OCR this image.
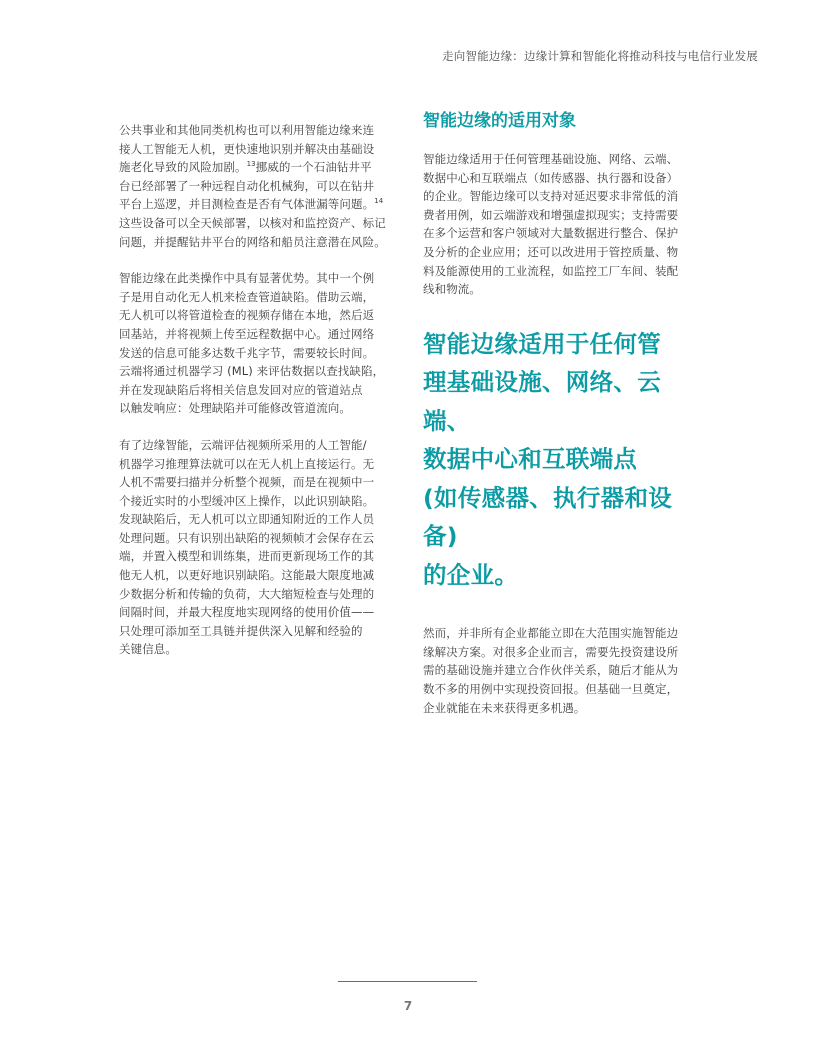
走向智能边缘：边缘计算和智能化将推动科技与电信行业发展

公共事业和其他同类机构也可以利用智能边缘来连
接人工智能无人机，更快速地识别并解决由基础设
施老化导致的风险加剧。$^{13}$挪威的一个石油钻井平
台已经部署了一种远程自动化机械狗，可以在钻井
平台上巡逻，并目测检查是否有气体泄漏等问题。$^{14}$
这些设备可以全天候部署，以核对和监控资产、标记
问题，并提醒钻井平台的网络和船员注意潜在风险。

智能边缘在此类操作中具有显著优势。其中一个例
子是用自动化无人机来检查管道缺陷。借助云端，
无人机可以将管道检查的视频存储在本地，然后返
回基站，并将视频上传至远程数据中心。通过网络
发送的信息可能多达数千兆字节，需要较长时间。
云端将通过机器学习 (ML) 来评估数据以查找缺陷，
并在发现缺陷后将相关信息发回对应的管道站点
以触发响应：处理缺陷并可能修改管道流向。

有了边缘智能，云端评估视频所采用的人工智能/
机器学习推理算法就可以在无人机上直接运行。无
人机不需要扫描并分析整个视频，而是在视频中一
个接近实时的小型缓冲区上操作，以此识别缺陷。
发现缺陷后，无人机可以立即通知附近的工作人员
处理问题。只有识别出缺陷的视频帧才会保存在云
端，并置入模型和训练集，进而更新现场工作的其
他无人机，以更好地识别缺陷。这能最大限度地减
少数据分析和传输的负荷，大大缩短检查与处理的
间隔时间，并最大程度地实现网络的使用价值——
只处理可添加至工具链并提供深入见解和经验的
关键信息。

智能边缘的适用对象

智能边缘适用于任何管理基础设施、网络、云端、
数据中心和互联端点（如传感器、执行器和设备）
的企业。智能边缘可以支持对延迟要求非常低的消
费者用例，如云端游戏和增强虚拟现实；支持需要
在多个运营和客户领域对大量数据进行整合、保护
及分析的企业应用；还可以改进用于管控质量、物
料及能源使用的工业流程，如监控工厂车间、装配
线和物流。

智能边缘适用于任何管
理基础设施、网络、云端、
数据中心和互联端点
(如传感器、执行器和设备)
的企业。

然而，并非所有企业都能立即在大范围实施智能边
缘解决方案。对很多企业而言，需要先投资建设所
需的基础设施并建立合作伙伴关系，随后才能从为
数不多的用例中实现投资回报。但基础一旦奠定，
企业就能在未来获得更多机遇。

7
